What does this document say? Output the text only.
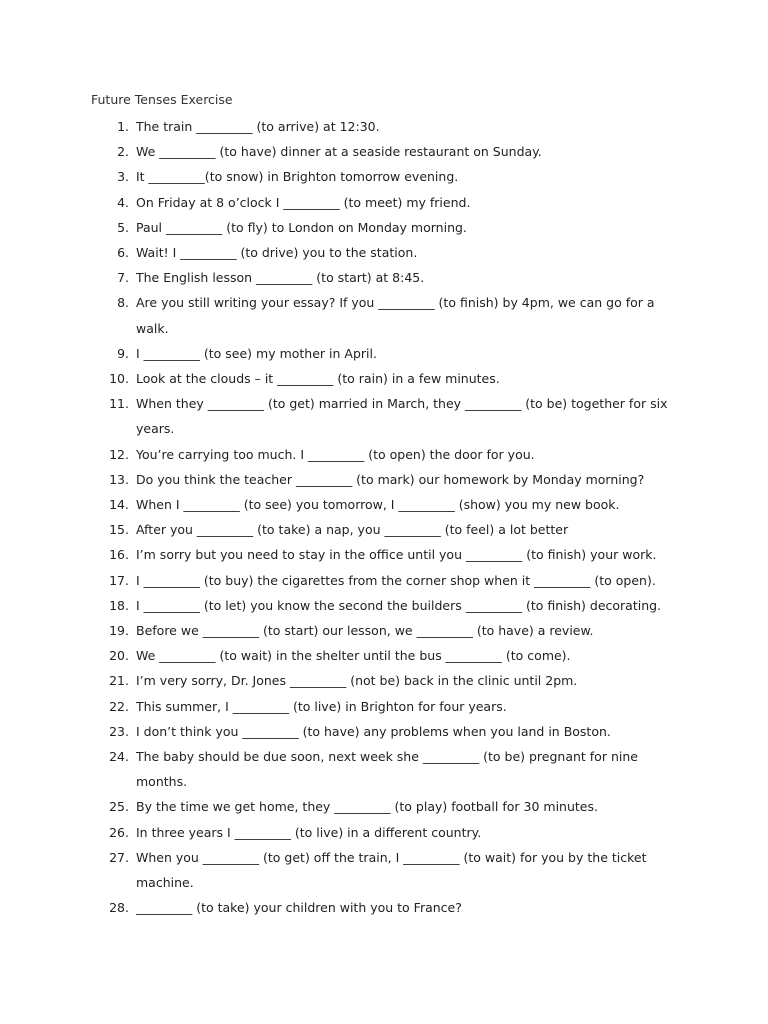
Future Tenses Exercise
1. The train _________ (to arrive) at 12:30.
2. We _________ (to have) dinner at a seaside restaurant on Sunday.
3. It _________(to snow) in Brighton tomorrow evening.
4. On Friday at 8 o’clock I _________ (to meet) my friend.
5. Paul _________ (to fly) to London on Monday morning.
6. Wait! I _________ (to drive) you to the station.
7. The English lesson _________ (to start) at 8:45.
8. Are you still writing your essay? If you _________ (to finish) by 4pm, we can go for a walk.
9. I _________ (to see) my mother in April.
10. Look at the clouds – it _________ (to rain) in a few minutes.
11. When they _________ (to get) married in March, they _________ (to be) together for six years.
12. You’re carrying too much. I _________ (to open) the door for you.
13. Do you think the teacher _________ (to mark) our homework by Monday morning?
14. When I _________ (to see) you tomorrow, I _________ (show) you my new book.
15. After you _________ (to take) a nap, you _________ (to feel) a lot better
16. I’m sorry but you need to stay in the office until you _________ (to finish) your work.
17. I _________ (to buy) the cigarettes from the corner shop when it _________ (to open).
18. I _________ (to let) you know the second the builders _________ (to finish) decorating.
19. Before we _________ (to start) our lesson, we _________ (to have) a review.
20. We _________ (to wait) in the shelter until the bus _________ (to come).
21. I’m very sorry, Dr. Jones _________ (not be) back in the clinic until 2pm.
22. This summer, I _________ (to live) in Brighton for four years.
23. I don’t think you _________ (to have) any problems when you land in Boston.
24. The baby should be due soon, next week she _________ (to be) pregnant for nine months.
25. By the time we get home, they _________ (to play) football for 30 minutes.
26. In three years I _________ (to live) in a different country.
27. When you _________ (to get) off the train, I _________ (to wait) for you by the ticket machine.
28. _________ (to take) your children with you to France?
